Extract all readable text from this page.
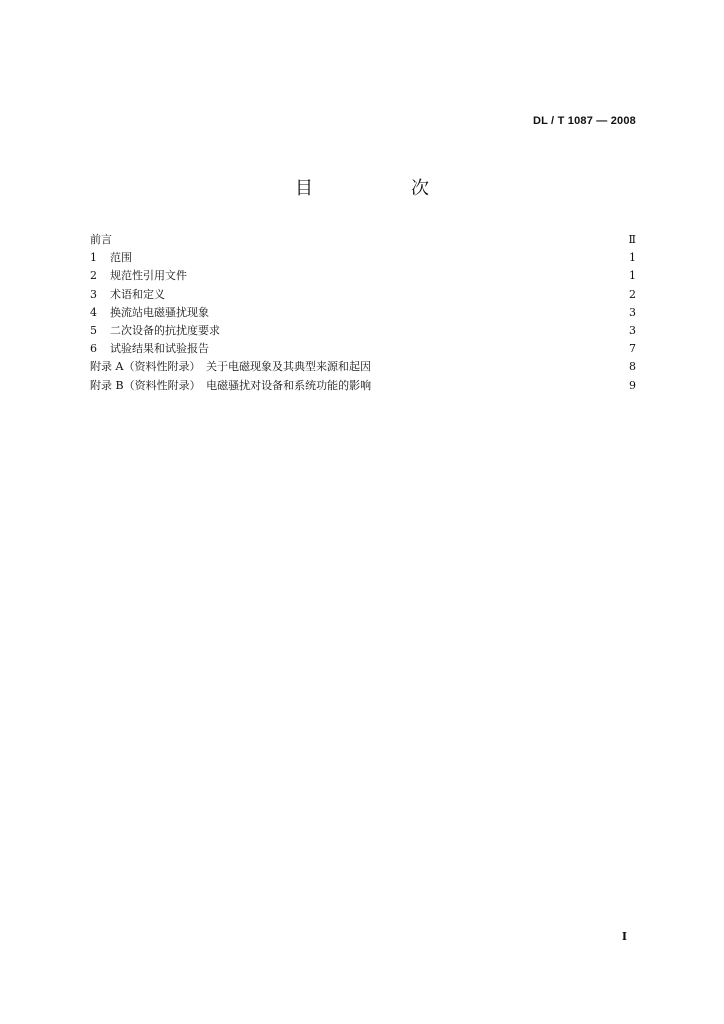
DL / T 1087 — 2008
目　次
前言	Ⅱ
1	范围	1
2	规范性引用文件	1
3	术语和定义	2
4	换流站电磁骚扰现象	3
5	二次设备的抗扰度要求	3
6	试验结果和试验报告	7
附录 A（资料性附录）　关于电磁现象及其典型来源和起因	8
附录 B（资料性附录）　电磁骚扰对设备和系统功能的影响	9
Ⅰ
